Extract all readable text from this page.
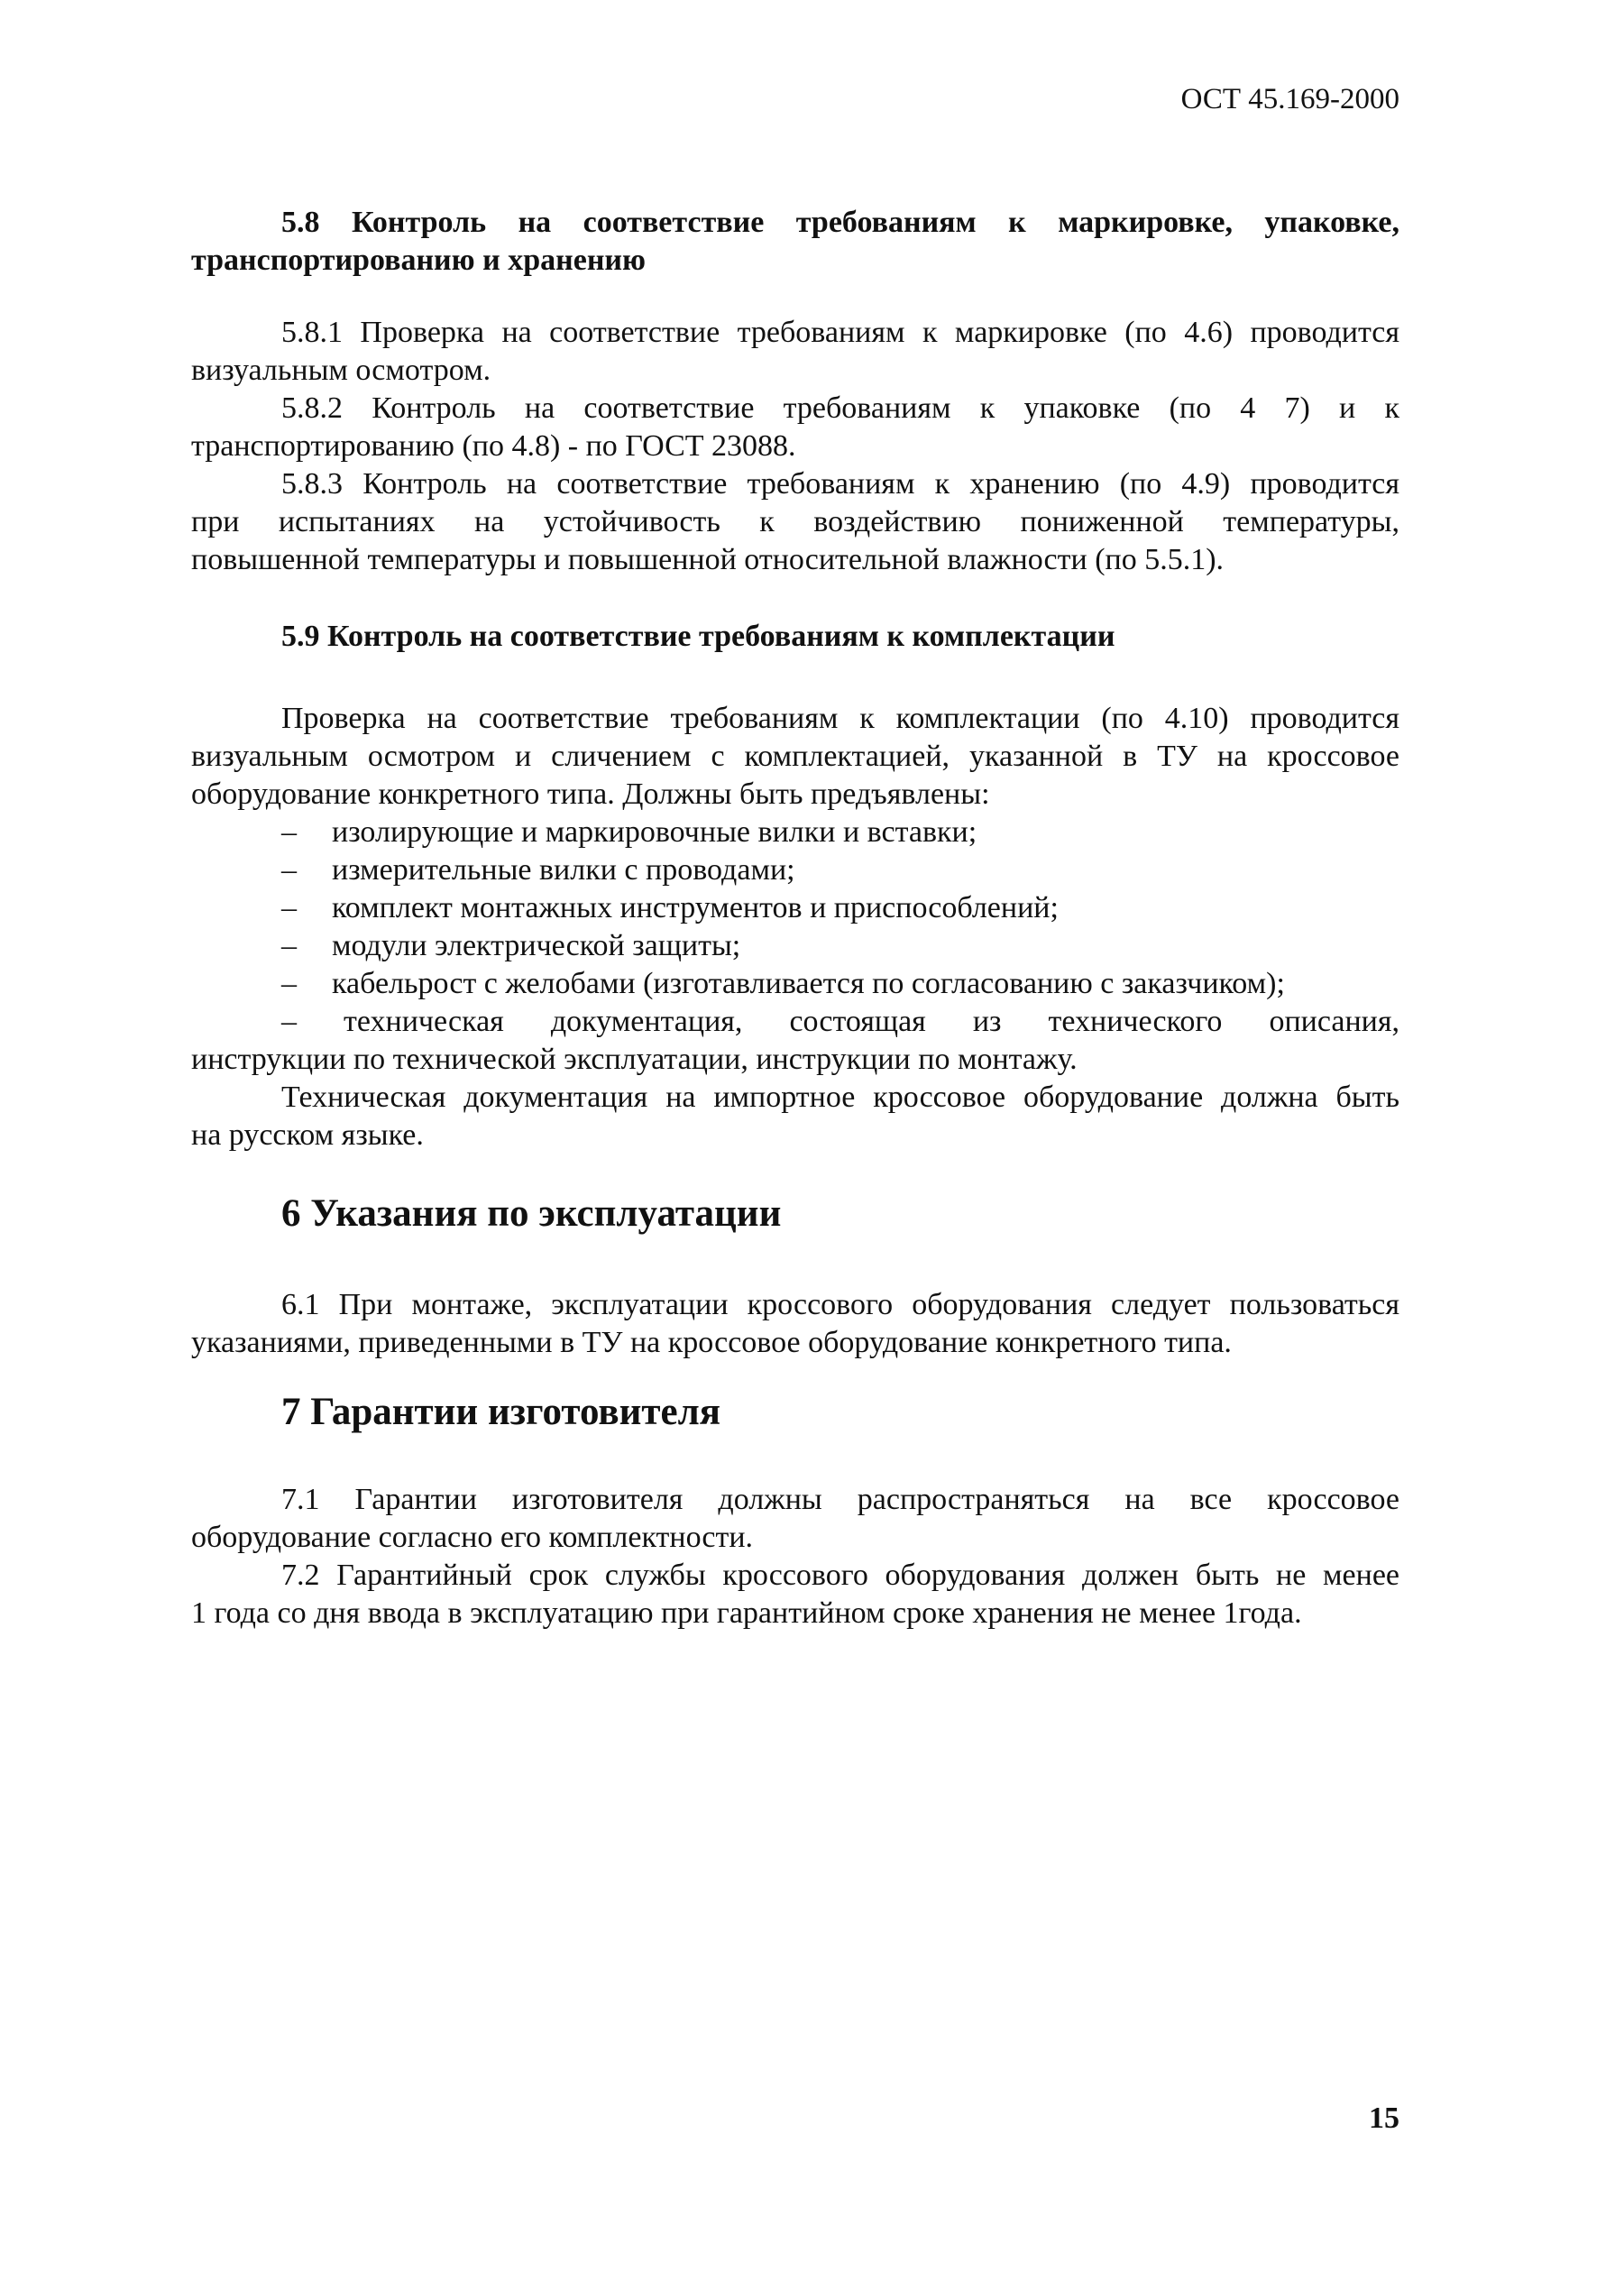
ОСТ 45.169-2000
5.8 Контроль на соответствие требованиям к маркировке, упаковке,
транспортированию и хранению
5.8.1 Проверка на соответствие требованиям к маркировке (по 4.6) проводится
визуальным осмотром.
5.8.2 Контроль на соответствие требованиям к упаковке (по 4 7) и к
транспортированию (по 4.8) - по ГОСТ 23088.
5.8.3 Контроль на соответствие требованиям к хранению (по 4.9) проводится
при испытаниях на устойчивость к воздействию пониженной температуры,
повышенной температуры и повышенной относительной влажности (по 5.5.1).
5.9 Контроль на соответствие требованиям к комплектации
Проверка на соответствие требованиям к комплектации (по 4.10) проводится
визуальным осмотром и сличением с комплектацией, указанной в ТУ на кроссовое
оборудование конкретного типа. Должны быть предъявлены:
– изолирующие и маркировочные вилки и вставки;
– измерительные вилки с проводами;
– комплект монтажных инструментов и приспособлений;
– модули электрической защиты;
– кабельрост с желобами (изготавливается по согласованию с заказчиком);
– техническая документация, состоящая из технического описания,
инструкции по технической эксплуатации, инструкции по монтажу.
Техническая документация на импортное кроссовое оборудование должна быть
на русском языке.
6 Указания по эксплуатации
6.1 При монтаже, эксплуатации кроссового оборудования следует пользоваться
указаниями, приведенными в ТУ на кроссовое оборудование конкретного типа.
7 Гарантии изготовителя
7.1 Гарантии изготовителя должны распространяться на все кроссовое
оборудование согласно его комплектности.
7.2 Гарантийный срок службы кроссового оборудования должен быть не менее
1 года со дня ввода в эксплуатацию при гарантийном сроке хранения не менее 1года.
15
